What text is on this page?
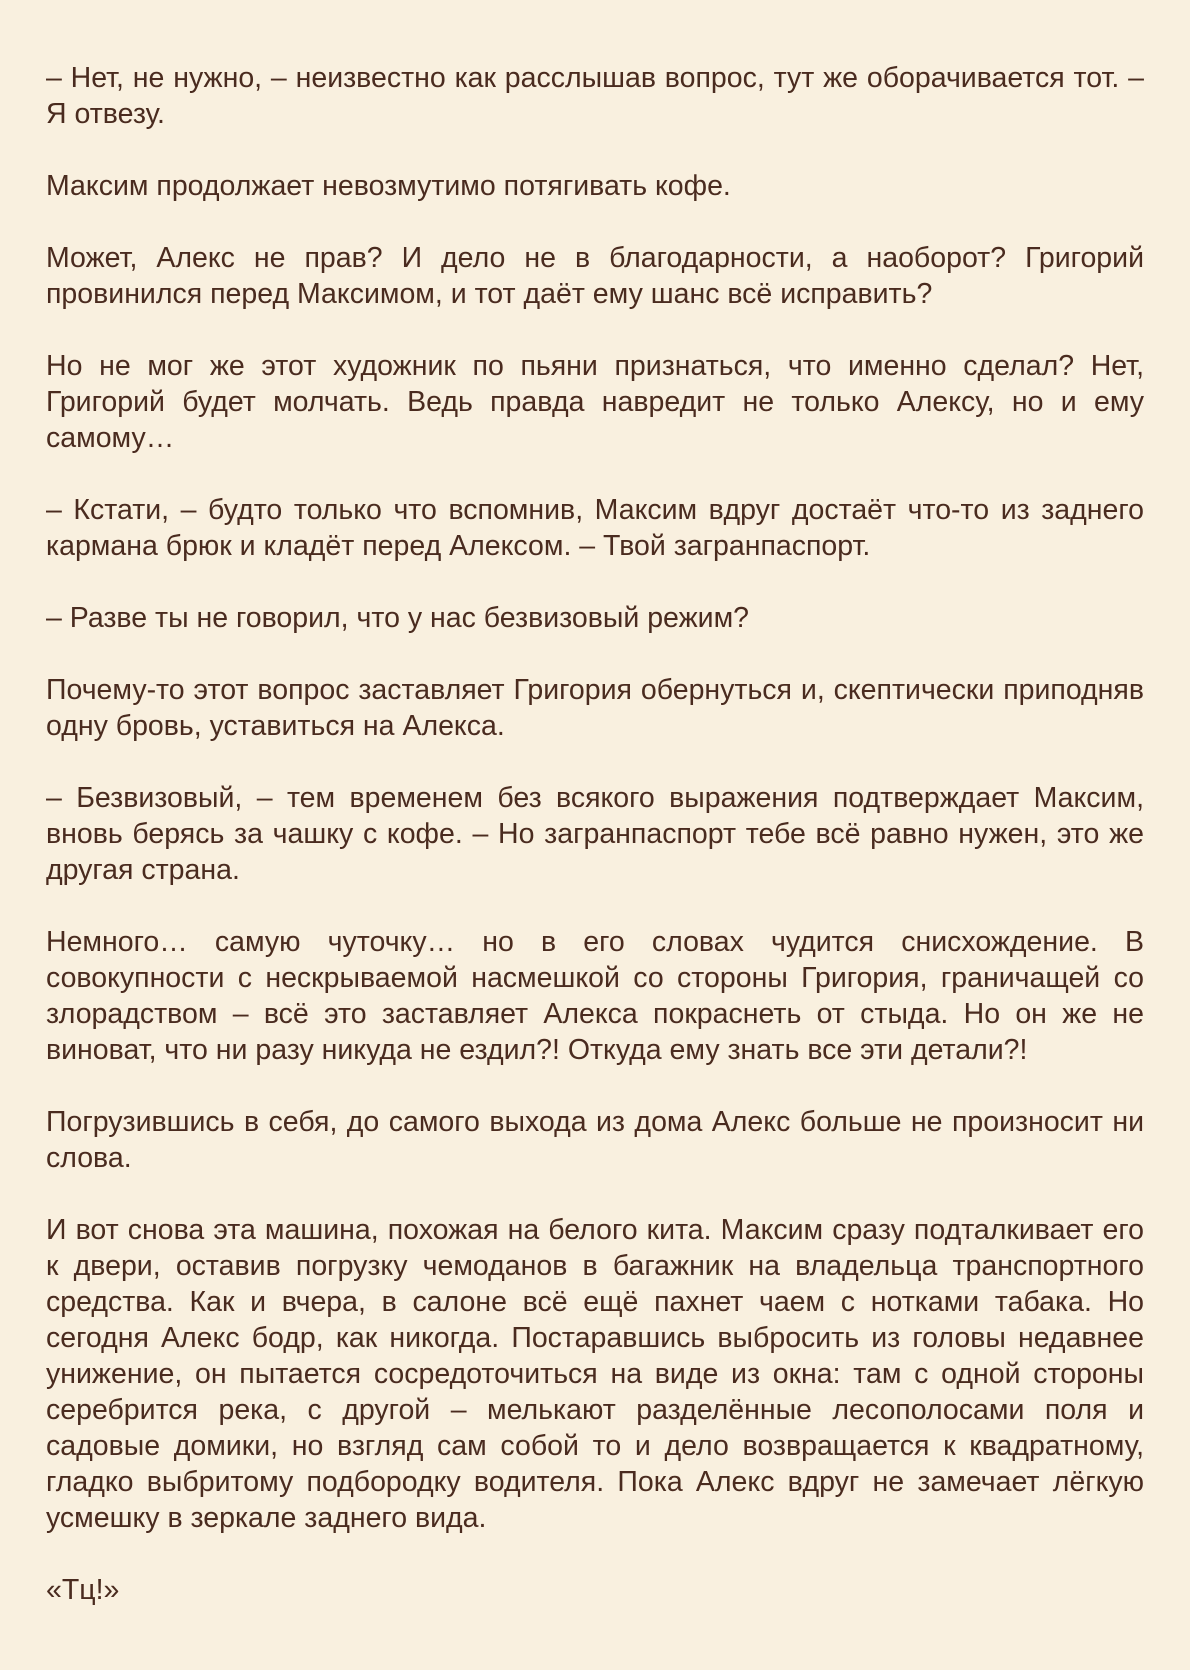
– Нет, не нужно, – неизвестно как расслышав вопрос, тут же оборачивается тот. – Я отвезу.

Максим продолжает невозмутимо потягивать кофе.

Может, Алекс не прав? И дело не в благодарности, а наоборот? Григорий провинился перед Максимом, и тот даёт ему шанс всё исправить?

Но не мог же этот художник по пьяни признаться, что именно сделал? Нет, Григорий будет молчать. Ведь правда навредит не только Алексу, но и ему самому…

– Кстати, – будто только что вспомнив, Максим вдруг достаёт что-то из заднего кармана брюк и кладёт перед Алексом. – Твой загранпаспорт.

– Разве ты не говорил, что у нас безвизовый режим?

Почему-то этот вопрос заставляет Григория обернуться и, скептически приподняв одну бровь, уставиться на Алекса.

– Безвизовый, – тем временем без всякого выражения подтверждает Максим, вновь берясь за чашку с кофе. – Но загранпаспорт тебе всё равно нужен, это же другая страна.

Немного… самую чуточку… но в его словах чудится снисхождение. В совокупности с нескрываемой насмешкой со стороны Григория, граничащей со злорадством – всё это заставляет Алекса покраснеть от стыда. Но он же не виноват, что ни разу никуда не ездил?! Откуда ему знать все эти детали?!

Погрузившись в себя, до самого выхода из дома Алекс больше не произносит ни слова.

И вот снова эта машина, похожая на белого кита. Максим сразу подталкивает его к двери, оставив погрузку чемоданов в багажник на владельца транспортного средства. Как и вчера, в салоне всё ещё пахнет чаем с нотками табака. Но сегодня Алекс бодр, как никогда. Постаравшись выбросить из головы недавнее унижение, он пытается сосредоточиться на виде из окна: там с одной стороны серебрится река, с другой – мелькают разделённые лесополосами поля и садовые домики, но взгляд сам собой то и дело возвращается к квадратному, гладко выбритому подбородку водителя. Пока Алекс вдруг не замечает лёгкую усмешку в зеркале заднего вида.

«Тц!»
